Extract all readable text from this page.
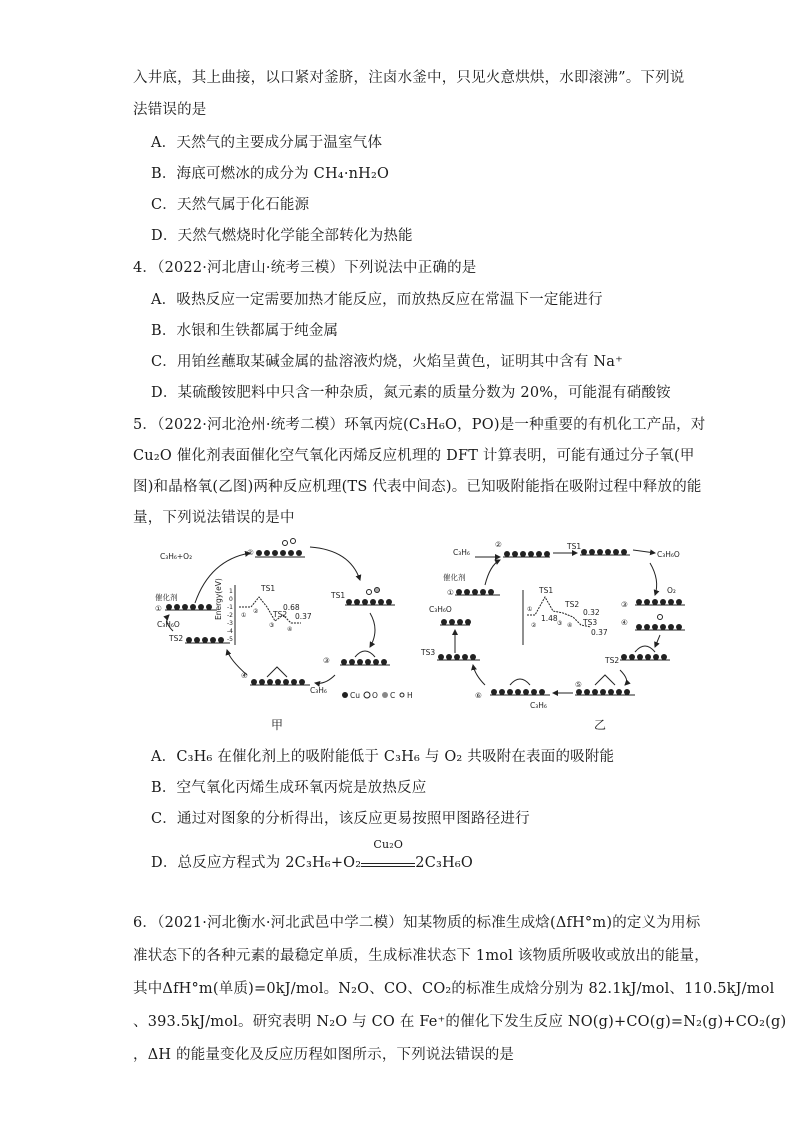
入井底，其上曲接，以口紧对釜脐，注卤水釜中，只见火意烘烘，水即滚沸”。下列说
法错误的是
A．天然气的主要成分属于温室气体
B．海底可燃冰的成分为 CH₄·nH₂O
C．天然气属于化石能源
D．天然气燃烧时化学能全部转化为热能
4．（2022·河北唐山·统考三模）下列说法中正确的是
A．吸热反应一定需要加热才能反应，而放热反应在常温下一定能进行
B．水银和生铁都属于纯金属
C．用铂丝蘸取某碱金属的盐溶液灼烧，火焰呈黄色，证明其中含有 Na⁺
D．某硫酸铵肥料中只含一种杂质，氮元素的质量分数为 20%，可能混有硝酸铵
5．（2022·河北沧州·统考二模）环氧丙烷(C₃H₆O，PO)是一种重要的有机化工产品，对
Cu₂O 催化剂表面催化空气氧化丙烯反应机理的 DFT 计算表明，可能有通过分子氧(甲
图)和晶格氧(乙图)两种反应机理(TS 代表中间态)。已知吸附能指在吸附过程中释放的能
量，下列说法错误的是中
②
①
催化剂
C₃H₆+O₂
TS2
C₃H₆O
TS1
③
④
C₃H₆
Energy(eV) 1
0
-1
-2
-3
-4
-5
TS1
0.68
TS2 0.37
①
②
③
④
Cu O C H
C₃H₆
②	TS1
C₃H₆O
③
O₂
④
TS2
⑤
C₃H₆
⑥
TS3
C₃H₆O
①
催化剂
TS1
1.48
TS2
0.32
TS3
0.37
①
②	③ ④
甲	乙
A．C₃H₆ 在催化剂上的吸附能低于 C₃H₆ 与 O₂ 共吸附在表面的吸附能
B．空气氧化丙烯生成环氧丙烷是放热反应
C．通过对图象的分析得出，该反应更易按照甲图路径进行
D．总反应方程式为 2C₃H₆+O₂
Cu₂O
2C₃H₆O
6．（2021·河北衡水·河北武邑中学二模）知某物质的标准生成焓(ΔfH°m)的定义为用标
准状态下的各种元素的最稳定单质，生成标准状态下 1mol 该物质所吸收或放出的能量，
其中ΔfH°m(单质)=0kJ/mol。N₂O、CO、CO₂的标准生成焓分别为 82.1kJ/mol、110.5kJ/mol
、393.5kJ/mol。研究表明 N₂O 与 CO 在 Fe⁺的催化下发生反应 NO(g)+CO(g)=N₂(g)+CO₂(g)
，ΔH 的能量变化及反应历程如图所示，下列说法错误的是
